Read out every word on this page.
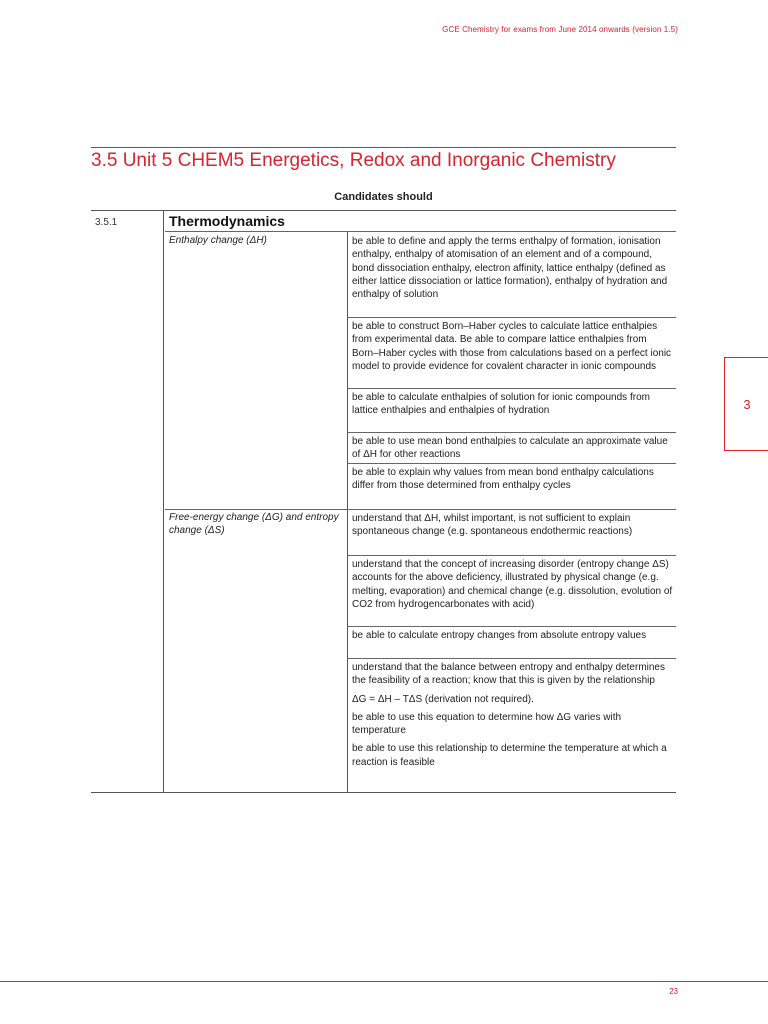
GCE Chemistry for exams from June 2014 onwards (version 1.5)
3.5 Unit 5 CHEM5 Energetics, Redox and Inorganic Chemistry
Candidates should
3.5.1	Thermodynamics
Enthalpy change (ΔH)
Free-energy change (ΔG) and entropy change (ΔS)
be able to define and apply the terms enthalpy of formation, ionisation enthalpy, enthalpy of atomisation of an element and of a compound, bond dissociation enthalpy, electron affinity, lattice enthalpy (defined as either lattice dissociation or lattice formation), enthalpy of hydration and enthalpy of solution
be able to construct Born–Haber cycles to calculate lattice enthalpies from experimental data. Be able to compare lattice enthalpies from Born–Haber cycles with those from calculations based on a perfect ionic model to provide evidence for covalent character in ionic compounds
be able to calculate enthalpies of solution for ionic compounds from lattice enthalpies and enthalpies of hydration
be able to use mean bond enthalpies to calculate an approximate value of ΔH for other reactions
be able to explain why values from mean bond enthalpy calculations differ from those determined from enthalpy cycles
understand that ΔH, whilst important, is not sufficient to explain spontaneous change (e.g. spontaneous endothermic reactions)
understand that the concept of increasing disorder (entropy change ΔS) accounts for the above deficiency, illustrated by physical change (e.g. melting, evaporation) and chemical change (e.g. dissolution, evolution of CO2 from hydrogencarbonates with acid)
be able to calculate entropy changes from absolute entropy values

understand that the balance between entropy and enthalpy determines the feasibility of a reaction; know that this is given by the relationship

ΔG = ΔH – TΔS (derivation not required).

be able to use this equation to determine how ΔG varies with temperature

be able to use this relationship to determine the temperature at which a reaction is feasible

3
23
